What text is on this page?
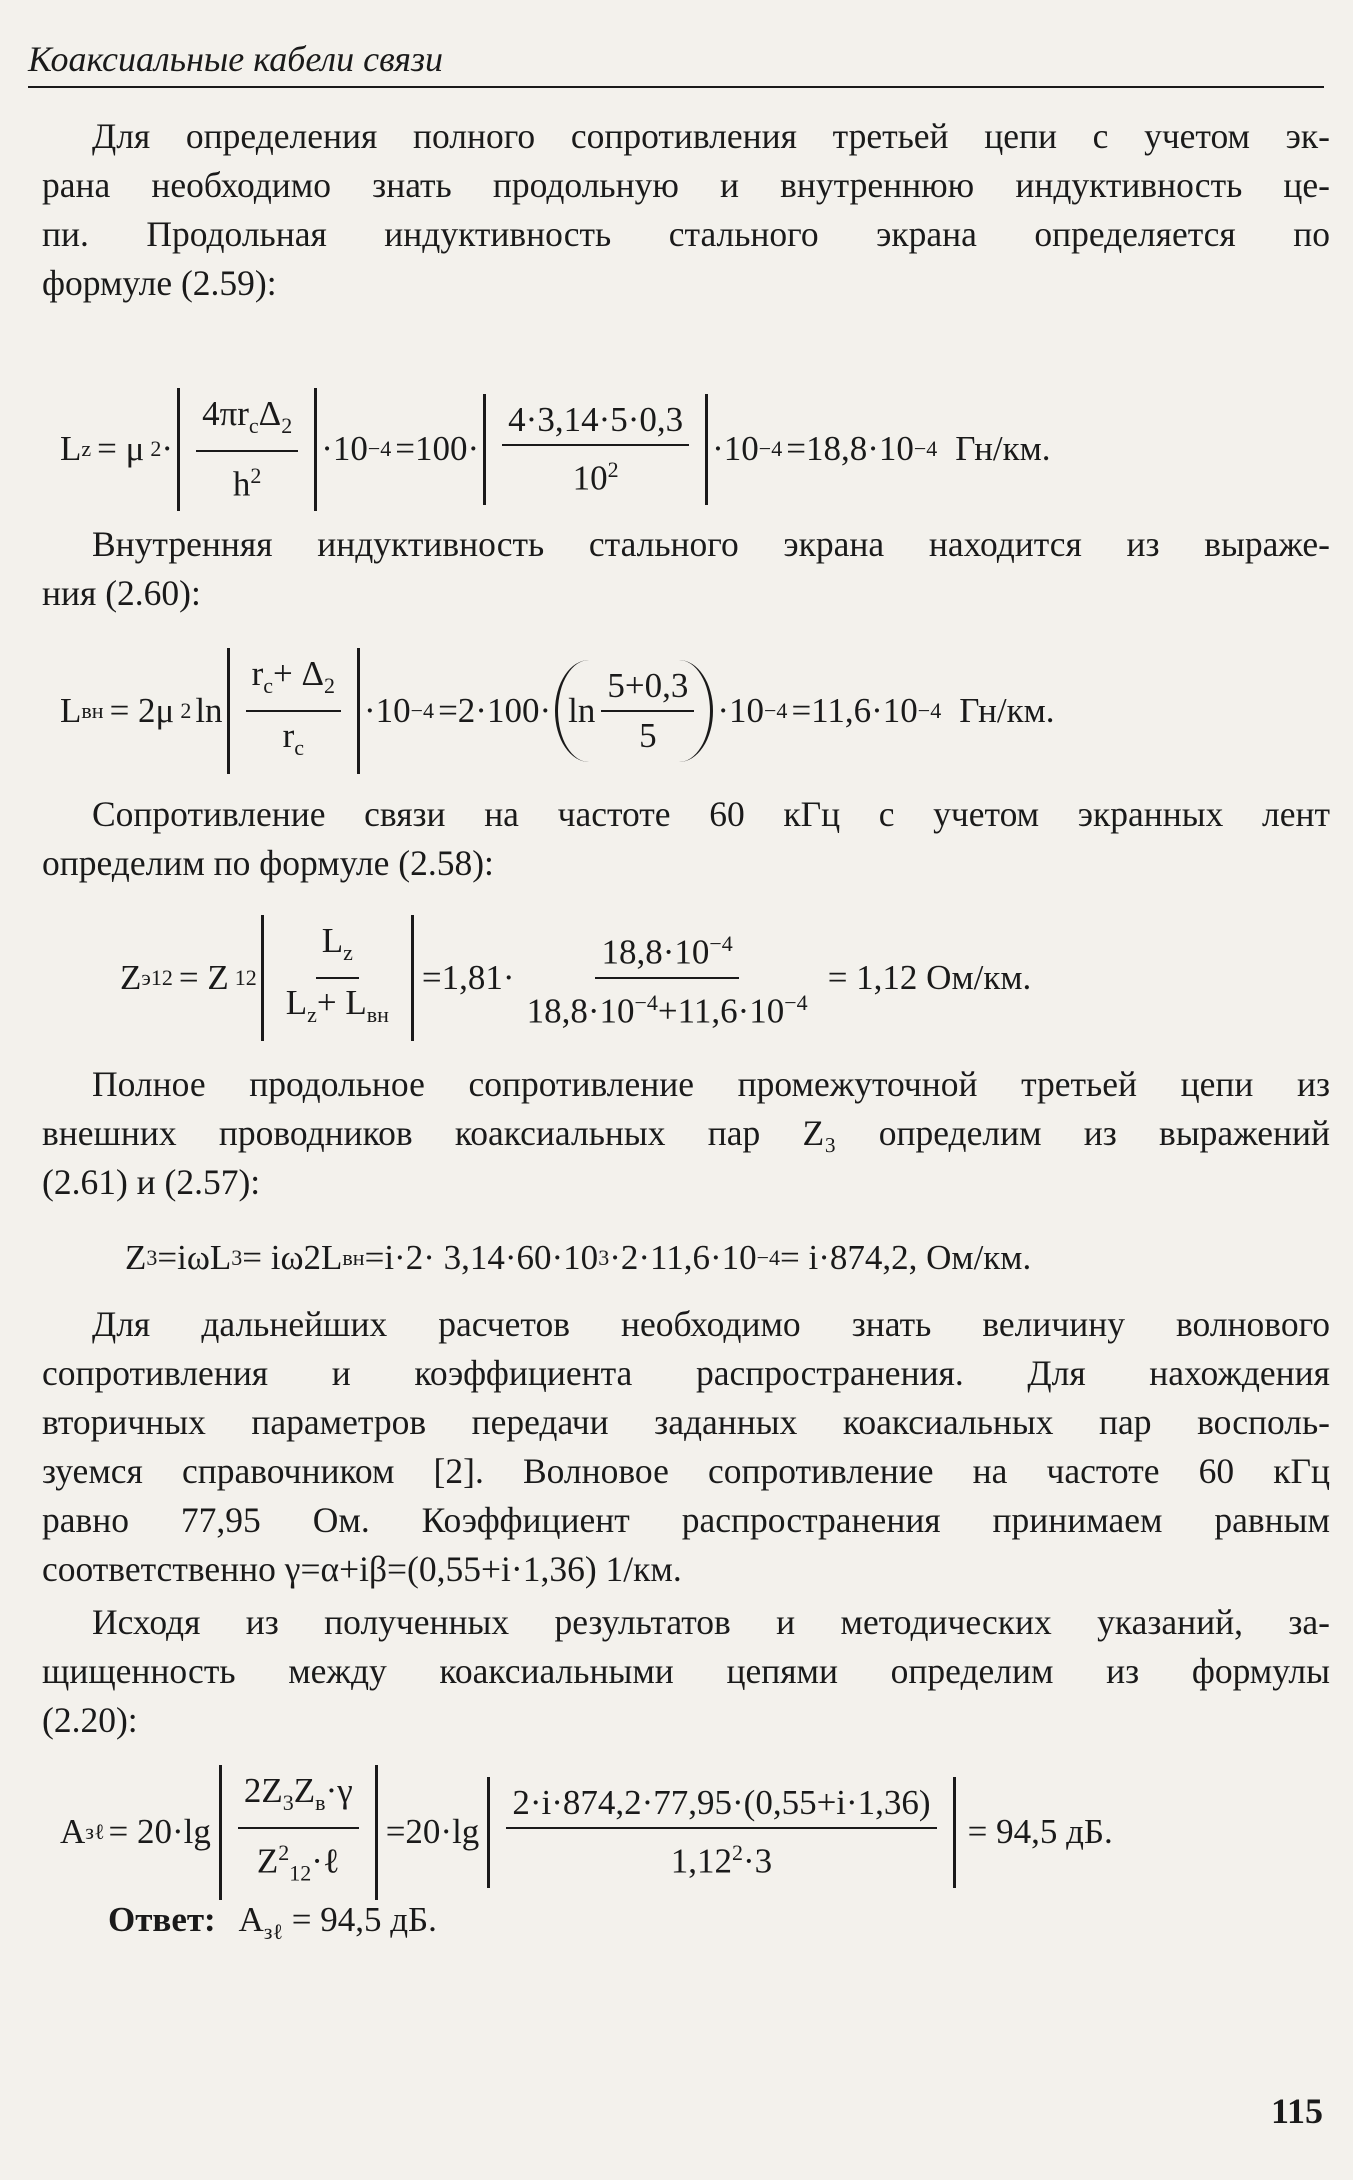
Коаксиальные кабели связи
Для определения полного сопротивления третьей цепи с учетом эк-
рана необходимо знать продольную и внутреннюю индуктивность це-
пи. Продольная индуктивность стального экрана определяется по
формуле (2.59):
L z = μ $2 \cdot \frac{4\pi r_c\Delta_2}{h^2} \cdot 10 -4 =100\cdot \frac{4\cdot 3,14\cdot 5\cdot 0,3}{10^2} \cdot 10 -4 =18,8\cdot 10 -4$ Гн/км.
Внутренняя индуктивность стального экрана находится из выраже-
ния (2.60):
L вн = 2μ 2 $\ln \frac{r_c+ \Delta_2}{r_c} \cdot 10 -4 =2\cdot 100\cdot \ln \frac{5+0,3}{5} \cdot 10 -4 =11,6\cdot 10 -4$ Гн/км.
Сопротивление связи на частоте 60 кГц с учетом экранных лент
определим по формуле (2.58):
Z э 12 = Z $12 \frac{L_z}{L_z+ L_{вн}} =1,81\cdot \frac{18,8\cdot 10^{-4}}{18,8\cdot 10^{-4}+11,6\cdot 10^{-4}} = 1,12$ Ом/км.
Полное продольное сопротивление промежуточной третьей цепи из
внешних проводников коаксиальных пар Z₃ определим из выражений
(2.61) и (2.57):
Z 3 =iωL 3 = iω2L вн =i·2· 3,14·60·10 3 ·2·11,6·10 −4 = i·874,2, Ом/км.
Для дальнейших расчетов необходимо знать величину волнового
сопротивления и коэффициента распространения. Для нахождения
вторичных параметров передачи заданных коаксиальных пар восполь-
зуемся справочником [2]. Волновое сопротивление на частоте 60 кГц
равно 77,95 Ом. Коэффициент распространения принимаем равным
соответственно γ=α+iβ=(0,55+i·1,36) 1/км.
Исходя из полученных результатов и методических указаний, за-
щищенность между коаксиальными цепями определим из формулы
(2.20):
A зℓ = $20\cdot\lg \frac{2Z_3Z_в\cdot\gamma}{Z^2_{12}\cdot\ell} =20\cdot\lg \frac{2\cdot i\cdot 874,2\cdot 77,95\cdot(0,55+i\cdot 1,36)}{1,12^2\cdot 3} = 94,5$ дБ.
Ответ: $A_{з\ell} = 94,5$ дБ.
115
